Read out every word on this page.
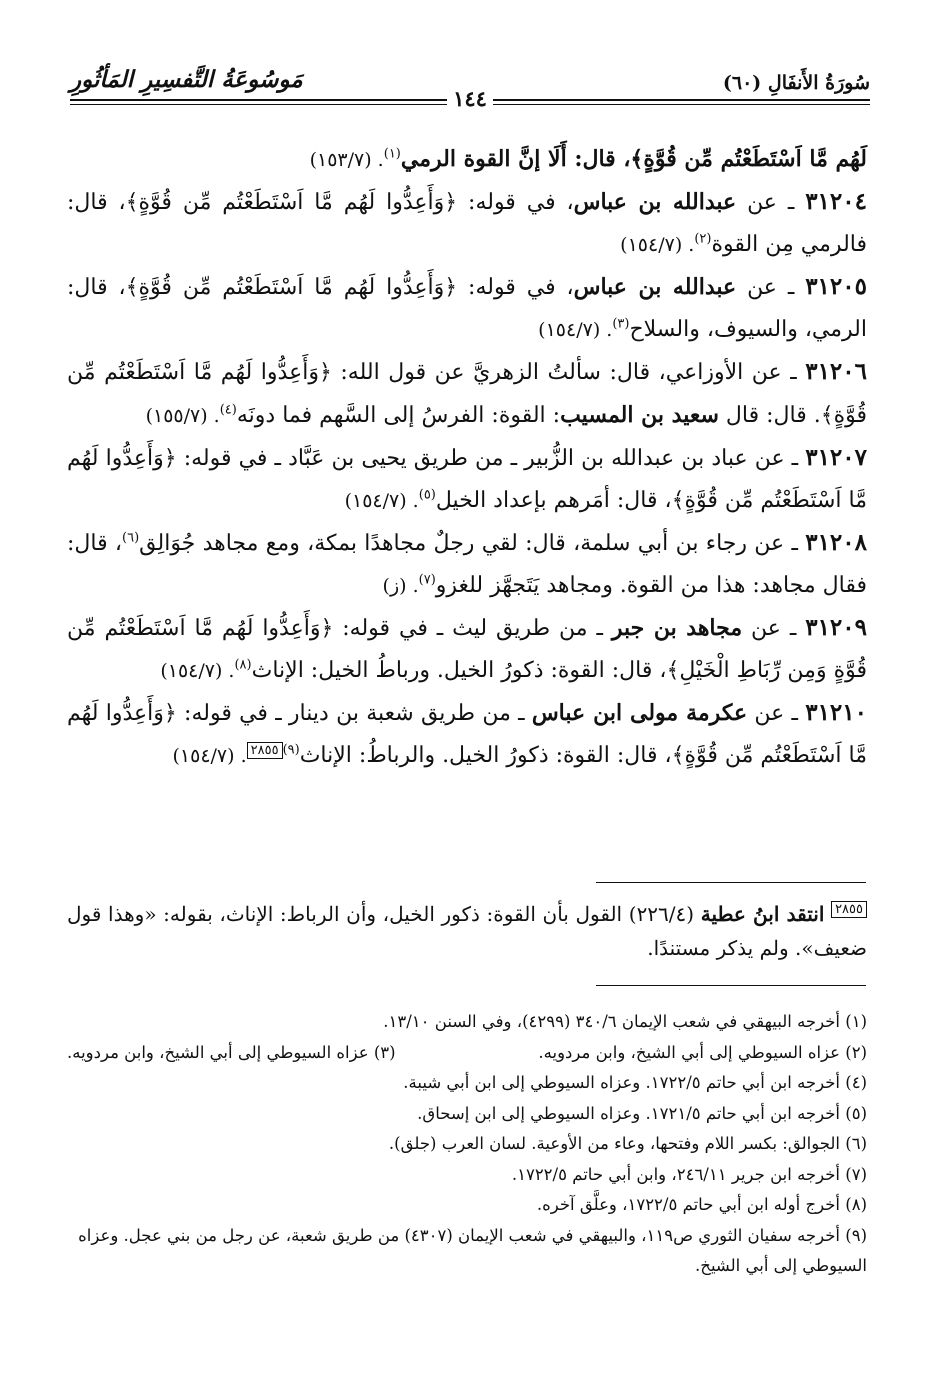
سُورَةُ الأَنفَالِ (٦٠)
١٤٤
مَوسُوعَةُ التَّفسِيرِ المَأثُورِ

لَهُم مَّا اَسْتَطَعْتُم مِّن قُوَّةٍ﴾، قال: أَلَا إنَّ القوة الرمي$^{(١)}$. (١٥٣/٧)

٣١٢٠٤ ـ عن عبدالله بن عباس، في قوله: ﴿وَأَعِدُّوا لَهُم مَّا اَسْتَطَعْتُم مِّن قُوَّةٍ﴾، قال: فالرمي مِن القوة$^{(٢)}$. (١٥٤/٧)

٣١٢٠٥ ـ عن عبدالله بن عباس، في قوله: ﴿وَأَعِدُّوا لَهُم مَّا اَسْتَطَعْتُم مِّن قُوَّةٍ﴾، قال: الرمي، والسيوف، والسلاح$^{(٣)}$. (١٥٤/٧)

٣١٢٠٦ ـ عن الأوزاعي، قال: سألتُ الزهريَّ عن قول الله: ﴿وَأَعِدُّوا لَهُم مَّا اَسْتَطَعْتُم مِّن قُوَّةٍ﴾. قال: قال سعيد بن المسيب: القوة: الفرسُ إلى السَّهم فما دونَه$^{(٤)}$. (١٥٥/٧)

٣١٢٠٧ ـ عن عباد بن عبدالله بن الزُّبير ـ من طريق يحيى بن عَبَّاد ـ في قوله: ﴿وَأَعِدُّوا لَهُم مَّا اَسْتَطَعْتُم مِّن قُوَّةٍ﴾، قال: أمَرهم بإعداد الخيل$^{(٥)}$. (١٥٤/٧)

٣١٢٠٨ ـ عن رجاء بن أبي سلمة، قال: لقي رجلٌ مجاهدًا بمكة، ومع مجاهد جُوَالِق$^{(٦)}$، قال: فقال مجاهد: هذا من القوة. ومجاهد يَتَجهَّز للغزو$^{(٧)}$. (ز)

٣١٢٠٩ ـ عن مجاهد بن جبر ـ من طريق ليث ـ في قوله: ﴿وَأَعِدُّوا لَهُم مَّا اَسْتَطَعْتُم مِّن قُوَّةٍ وَمِن رِّبَاطِ الْخَيْلِ﴾، قال: القوة: ذكورُ الخيل. ورباطُ الخيل: الإناث$^{(٨)}$. (١٥٤/٧)

٣١٢١٠ ـ عن عكرمة مولى ابن عباس ـ من طريق شعبة بن دينار ـ في قوله: ﴿وَأَعِدُّوا لَهُم مَّا اَسْتَطَعْتُم مِّن قُوَّةٍ﴾، قال: القوة: ذكورُ الخيل. والرباطُ: الإناث$^{(٩)٢٨٥٥}$. (١٥٤/٧)

$^{٢٨٥٥}$ انتقد ابنُ عطية (٢٢٦/٤) القول بأن القوة: ذكور الخيل، وأن الرباط: الإناث، بقوله: «وهذا قول ضعيف». ولم يذكر مستندًا.

(١) أخرجه البيهقي في شعب الإيمان ٣٤٠/٦ (٤٢٩٩)، وفي السنن ١٣/١٠.

(٢) عزاه السيوطي إلى أبي الشيخ، وابن مردويه.
(٣) عزاه السيوطي إلى أبي الشيخ، وابن مردويه.

(٤) أخرجه ابن أبي حاتم ١٧٢٢/٥. وعزاه السيوطي إلى ابن أبي شيبة.

(٥) أخرجه ابن أبي حاتم ١٧٢١/٥. وعزاه السيوطي إلى ابن إسحاق.

(٦) الجوالق: بكسر اللام وفتحها، وعاء من الأوعية. لسان العرب (جلق).

(٧) أخرجه ابن جرير ٢٤٦/١١، وابن أبي حاتم ١٧٢٢/٥.

(٨) أخرج أوله ابن أبي حاتم ١٧٢٢/٥، وعلَّق آخره.

(٩) أخرجه سفيان الثوري ص١١٩، والبيهقي في شعب الإيمان (٤٣٠٧) من طريق شعبة، عن رجل من بني عجل. وعزاه السيوطي إلى أبي الشيخ.
